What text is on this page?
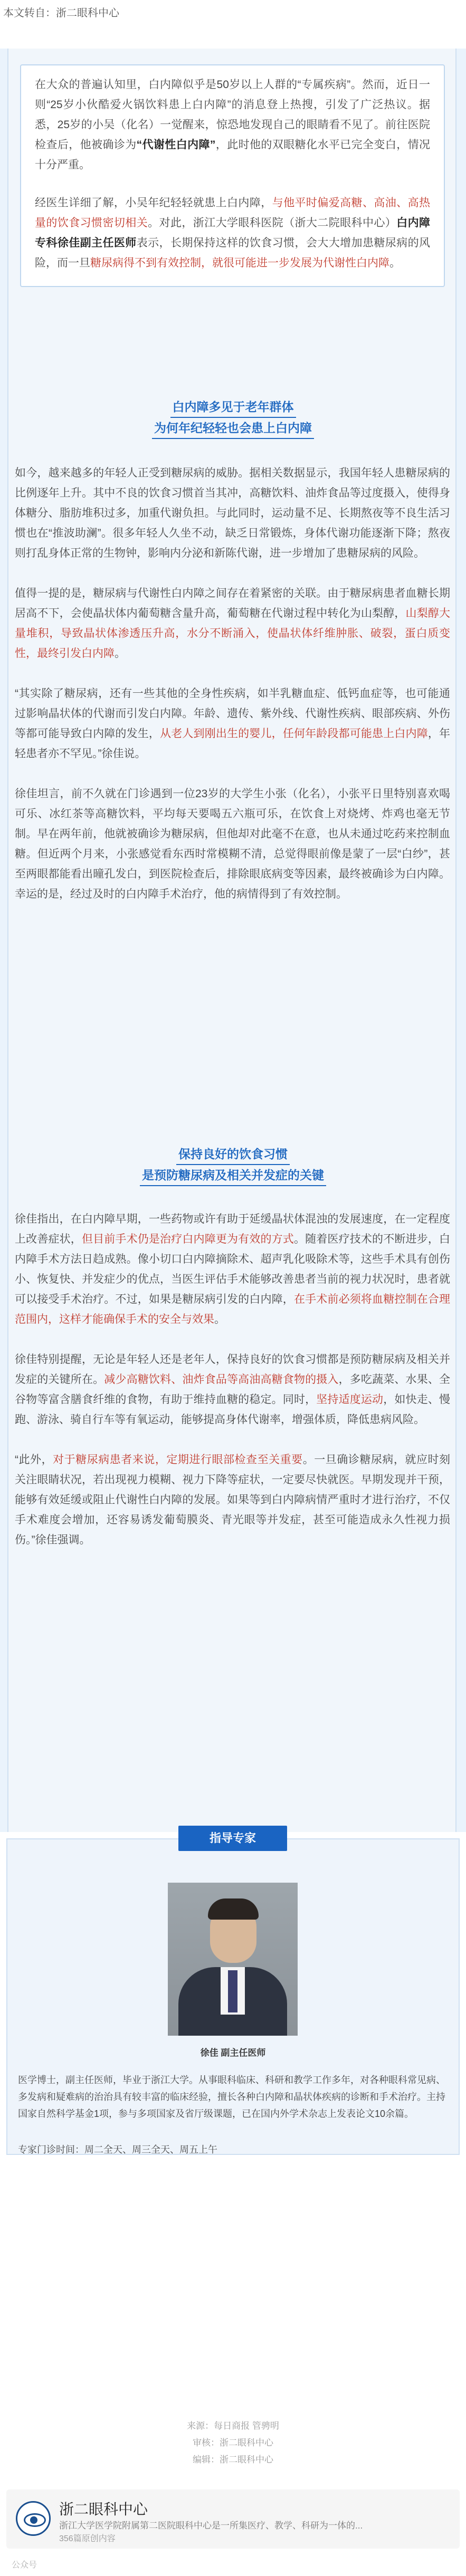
本文转自：浙二眼科中心

在大众的普遍认知里，白内障似乎是50岁以上人群的“专属疾病”。然而，近日一则“25岁小伙酷爱火锅饮料患上白内障”的消息登上热搜，引发了广泛热议。据悉，25岁的小吴（化名）一觉醒来，惊恐地发现自己的眼睛看不见了。前往医院检查后，他被确诊为“代谢性白内障”，此时他的双眼糖化水平已完全变白，情况十分严重。

经医生详细了解，小吴年纪轻轻就患上白内障，与他平时偏爱高糖、高油、高热量的饮食习惯密切相关。对此，浙江大学眼科医院（浙大二院眼科中心）白内障专科徐佳副主任医师表示，长期保持这样的饮食习惯，会大大增加患糖尿病的风险，而一旦糖尿病得不到有效控制，就很可能进一步发展为代谢性白内障。

白内障多见于老年群体
为何年纪轻轻也会患上白内障

如今，越来越多的年轻人正受到糖尿病的威胁。据相关数据显示，我国年轻人患糖尿病的比例逐年上升。其中不良的饮食习惯首当其冲，高糖饮料、油炸食品等过度摄入，使得身体糖分、脂肪堆积过多，加重代谢负担。与此同时，运动量不足、长期熬夜等不良生活习惯也在“推波助澜”。很多年轻人久坐不动，缺乏日常锻炼，身体代谢功能逐渐下降；熬夜则打乱身体正常的生物钟，影响内分泌和新陈代谢，进一步增加了患糖尿病的风险。

值得一提的是，糖尿病与代谢性白内障之间存在着紧密的关联。由于糖尿病患者血糖长期居高不下，会使晶状体内葡萄糖含量升高，葡萄糖在代谢过程中转化为山梨醇，山梨醇大量堆积，导致晶状体渗透压升高，水分不断涌入，使晶状体纤维肿胀、破裂，蛋白质变性，最终引发白内障。

“其实除了糖尿病，还有一些其他的全身性疾病，如半乳糖血症、低钙血症等，也可能通过影响晶状体的代谢而引发白内障。年龄、遗传、紫外线、代谢性疾病、眼部疾病、外伤等都可能导致白内障的发生，从老人到刚出生的婴儿，任何年龄段都可能患上白内障，年轻患者亦不罕见。”徐佳说。

徐佳坦言，前不久就在门诊遇到一位23岁的大学生小张（化名），小张平日里特别喜欢喝可乐、冰红茶等高糖饮料，平均每天要喝五六瓶可乐，在饮食上对烧烤、炸鸡也毫无节制。早在两年前，他就被确诊为糖尿病，但他却对此毫不在意，也从未通过吃药来控制血糖。但近两个月来，小张感觉看东西时常模糊不清，总觉得眼前像是蒙了一层“白纱”，甚至两眼都能看出曈孔发白，到医院检查后，排除眼底病变等因素，最终被确诊为白内障。幸运的是，经过及时的白内障手术治疗，他的病情得到了有效控制。

保持良好的饮食习惯
是预防糖尿病及相关并发症的关键

徐佳指出，在白内障早期，一些药物或许有助于延缓晶状体混浊的发展速度，在一定程度上改善症状，但目前手术仍是治疗白内障更为有效的方式。随着医疗技术的不断进步，白内障手术方法日趋成熟。像小切口白内障摘除术、超声乳化吸除术等，这些手术具有创伤小、恢复快、并发症少的优点，当医生评估手术能够改善患者当前的视力状况时，患者就可以接受手术治疗。不过，如果是糖尿病引发的白内障，在手术前必须将血糖控制在合理范围内，这样才能确保手术的安全与效果。

徐佳特别提醒，无论是年轻人还是老年人，保持良好的饮食习惯都是预防糖尿病及相关并发症的关键所在。减少高糖饮料、油炸食品等高油高糖食物的摄入，多吃蔬菜、水果、全谷物等富含膳食纤维的食物，有助于维持血糖的稳定。同时，坚持适度运动，如快走、慢跑、游泳、骑自行车等有氧运动，能够提高身体代谢率，增强体质，降低患病风险。

“此外，对于糖尿病患者来说，定期进行眼部检查至关重要。一旦确诊糖尿病，就应时刻关注眼睛状况，若出现视力模糊、视力下降等症状，一定要尽快就医。早期发现并干预，能够有效延缓或阻止代谢性白内障的发展。如果等到白内障病情严重时才进行治疗，不仅手术难度会增加，还容易诱发葡萄膜炎、青光眼等并发症，甚至可能造成永久性视力损伤。”徐佳强调。

指导专家
徐佳 副主任医师
医学博士，副主任医师，毕业于浙江大学。从事眼科临床、科研和教学工作多年，对各种眼科常见病、多发病和疑难病的治治具有较丰富的临床经验，擅长各种白内障和晶状体疾病的诊断和手术治疗。主持国家自然科学基金1项，参与多项国家及省厅级课题，已在国内外学术杂志上发表论文10余篇。
专家门诊时间：周二全天、周三全天、周五上午
来源：每日商报 管骋明
审核：浙二眼科中心
编辑：浙二眼科中心
浙二眼科中心
浙江大学医学院附属第二医院眼科中心是一所集医疗、教学、科研为一体的...
356篇原创内容
公众号
